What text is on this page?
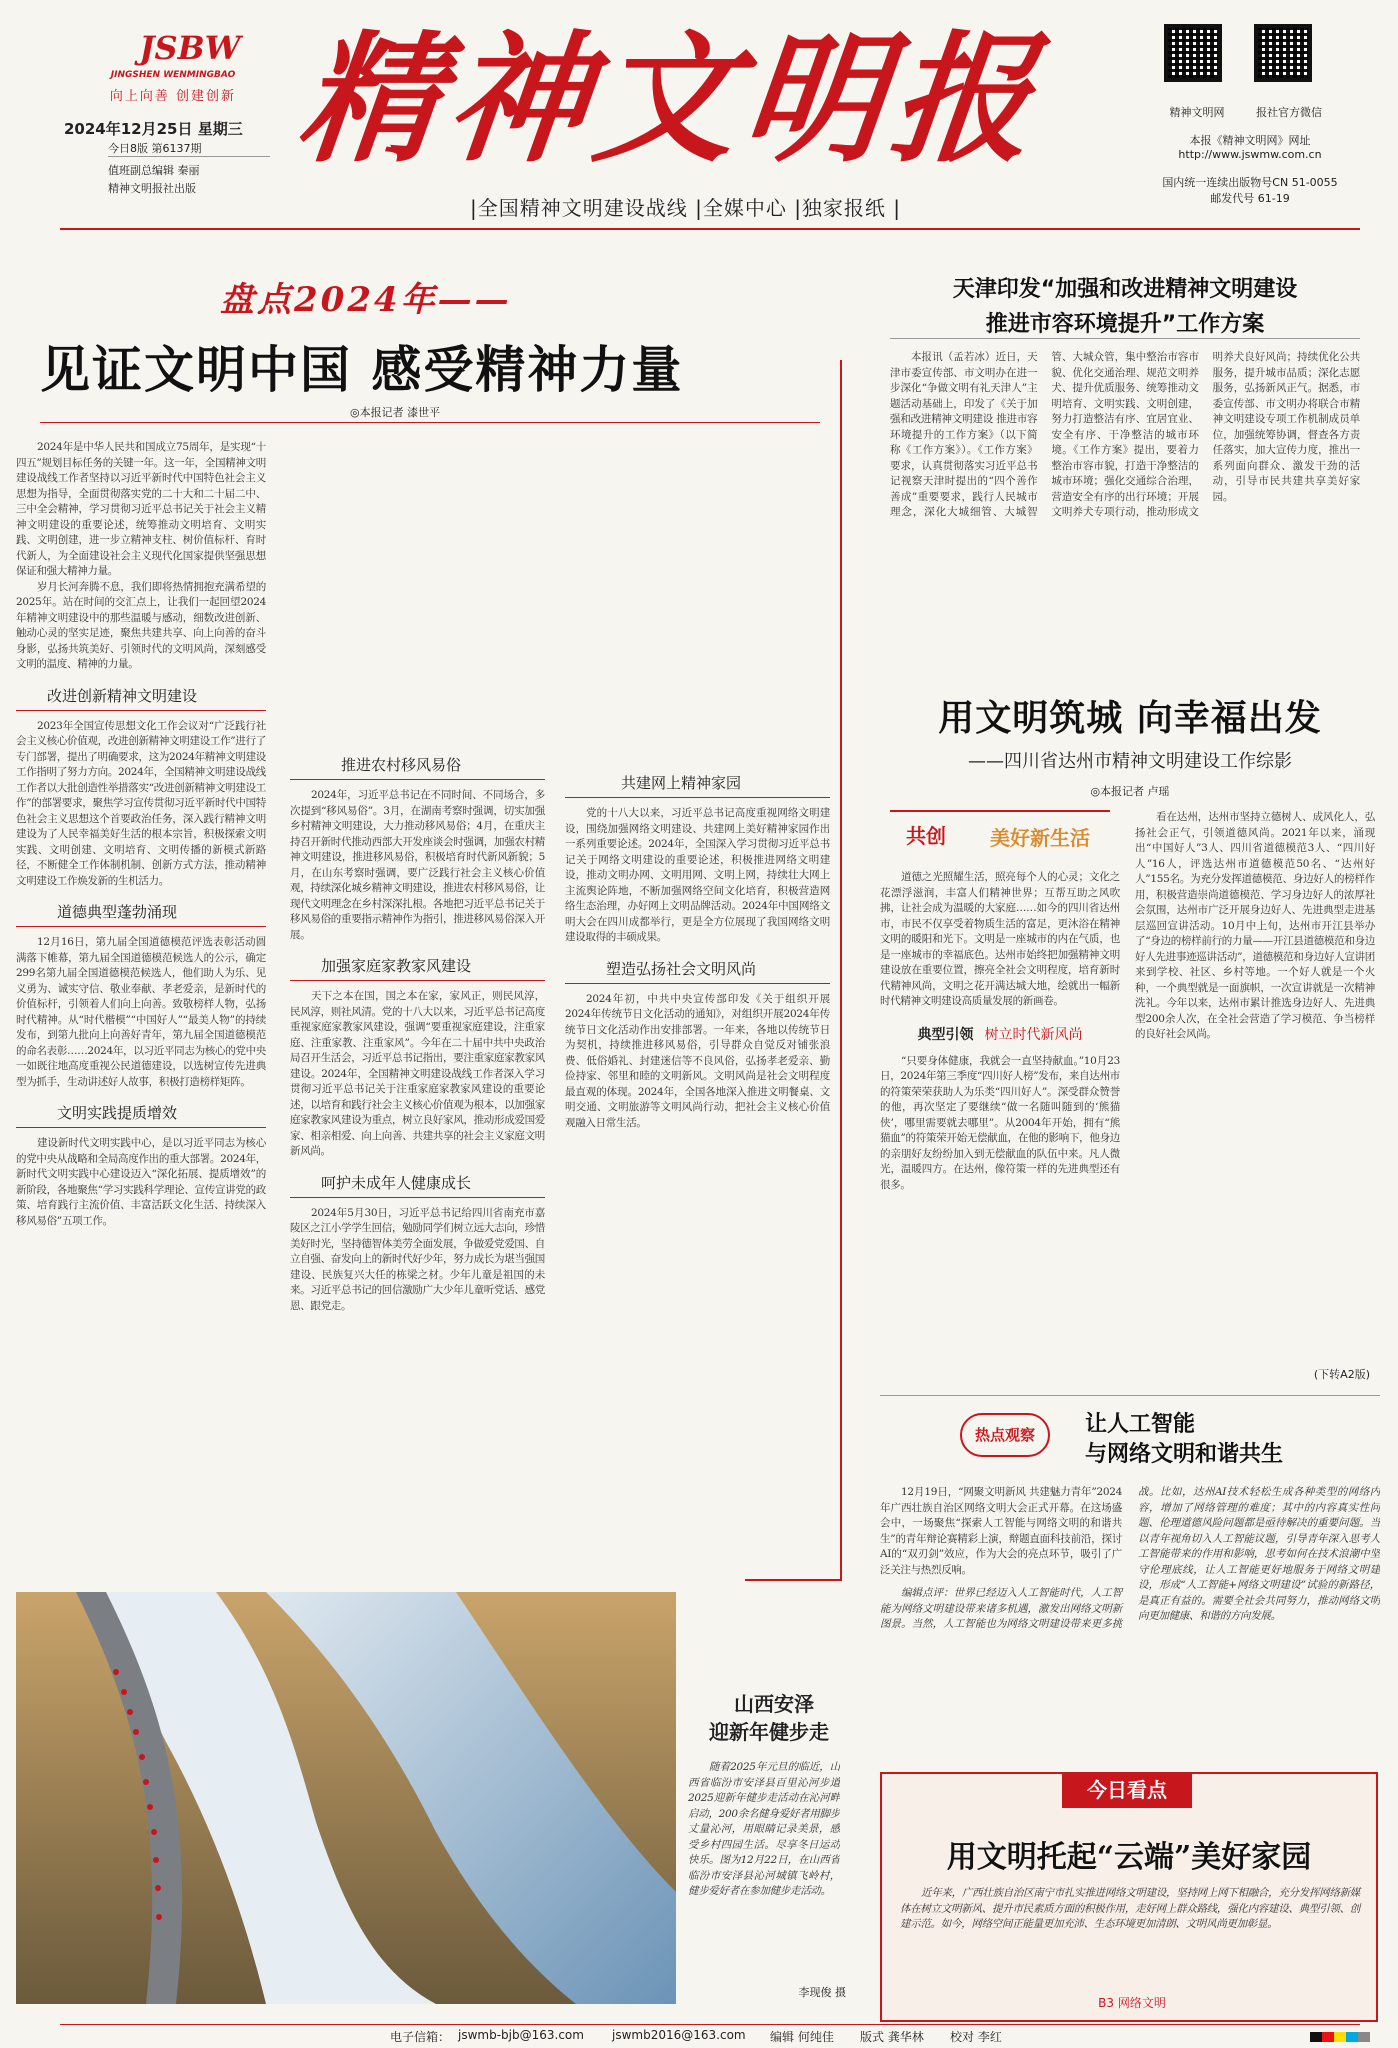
JSBW
JINGSHEN WENMINGBAO
向上向善 创建创新
2024年12月25日 星期三
今日8版 第6137期
值班副总编辑 秦丽
精神文明报社出版
精神文明报
|全国精神文明建设战线 |全媒中心 |独家报纸 |
精神文明网	报社官方微信
本报《精神文明网》网址
http://www.jswmw.com.cn
国内统一连续出版物号CN 51-0055
邮发代号 61-19
盘点2024年——
见证文明中国 感受精神力量
◎本报记者 漆世平

2024年是中华人民共和国成立75周年，是实现“十四五”规划目标任务的关键一年。这一年，全国精神文明建设战线工作者坚持以习近平新时代中国特色社会主义思想为指导，全面贯彻落实党的二十大和二十届二中、三中全会精神，学习贯彻习近平总书记关于社会主义精神文明建设的重要论述，统筹推动文明培育、文明实践、文明创建，进一步立精神支柱、树价值标杆、育时代新人，为全面建设社会主义现代化国家提供坚强思想保证和强大精神力量。

岁月长河奔腾不息，我们即将热情拥抱充满希望的2025年。站在时间的交汇点上，让我们一起回望2024年精神文明建设中的那些温暖与感动，细数改进创新、触动心灵的坚实足迹，聚焦共建共享、向上向善的奋斗身影，弘扬共筑美好、引领时代的文明风尚，深刻感受文明的温度、精神的力量。

改进创新精神文明建设

2023年全国宣传思想文化工作会议对“广泛践行社会主义核心价值观，改进创新精神文明建设工作”进行了专门部署，提出了明确要求，这为2024年精神文明建设工作指明了努力方向。2024年，全国精神文明建设战线工作者以大批创造性举措落实“改进创新精神文明建设工作”的部署要求，聚焦学习宣传贯彻习近平新时代中国特色社会主义思想这个首要政治任务，深入践行精神文明建设为了人民幸福美好生活的根本宗旨，积极探索文明实践、文明创建、文明培育、文明传播的新模式新路径，不断健全工作体制机制、创新方式方法，推动精神文明建设工作焕发新的生机活力。

道德典型蓬勃涌现

12月16日，第九届全国道德模范评选表彰活动圆满落下帷幕，第九届全国道德模范候选人的公示，确定299名第九届全国道德模范候选人，他们助人为乐、见义勇为、诚实守信、敬业奉献、孝老爱亲，是新时代的价值标杆，引领着人们向上向善。致敬榜样人物，弘扬时代精神。从“时代楷模”“中国好人”“最美人物”的持续发布，到第九批向上向善好青年，第九届全国道德模范的命名表彰……2024年，以习近平同志为核心的党中央一如既往地高度重视公民道德建设，以选树宣传先进典型为抓手，生动讲述好人故事，积极打造榜样矩阵。

文明实践提质增效

建设新时代文明实践中心，是以习近平同志为核心的党中央从战略和全局高度作出的重大部署。2024年，新时代文明实践中心建设迈入“深化拓展、提质增效”的新阶段，各地聚焦“学习实践科学理论、宣传宣讲党的政策、培育践行主流价值、丰富活跃文化生活、持续深入移风易俗”五项工作。

推进农村移风易俗

2024年，习近平总书记在不同时间、不同场合，多次提到“移风易俗”。3月，在湖南考察时强调，切实加强乡村精神文明建设，大力推动移风易俗；4月，在重庆主持召开新时代推动西部大开发座谈会时强调，加强农村精神文明建设，推进移风易俗，积极培育时代新风新貌；5月，在山东考察时强调，要广泛践行社会主义核心价值观，持续深化城乡精神文明建设，推进农村移风易俗，让现代文明理念在乡村深深扎根。各地把习近平总书记关于移风易俗的重要指示精神作为指引，推进移风易俗深入开展。

加强家庭家教家风建设

天下之本在国，国之本在家，家风正，则民风淳，民风淳，则社风清。党的十八大以来，习近平总书记高度重视家庭家教家风建设，强调“要重视家庭建设，注重家庭、注重家教、注重家风”。今年在二十届中共中央政治局召开生活会，习近平总书记指出，要注重家庭家教家风建设。2024年，全国精神文明建设战线工作者深入学习贯彻习近平总书记关于注重家庭家教家风建设的重要论述，以培育和践行社会主义核心价值观为根本，以加强家庭家教家风建设为重点，树立良好家风，推动形成爱国爱家、相亲相爱、向上向善、共建共享的社会主义家庭文明新风尚。

呵护未成年人健康成长

2024年5月30日，习近平总书记给四川省南充市嘉陵区之江小学学生回信，勉励同学们树立远大志向，珍惜美好时光，坚持德智体美劳全面发展，争做爱党爱国、自立自强、奋发向上的新时代好少年，努力成长为堪当强国建设、民族复兴大任的栋梁之材。少年儿童是祖国的未来。习近平总书记的回信激励广大少年儿童听党话、感党恩、跟党走。

共建网上精神家园

党的十八大以来，习近平总书记高度重视网络文明建设，围绕加强网络文明建设、共建网上美好精神家园作出一系列重要论述。2024年，全国深入学习贯彻习近平总书记关于网络文明建设的重要论述，积极推进网络文明建设，推动文明办网、文明用网、文明上网，持续壮大网上主流舆论阵地，不断加强网络空间文化培育，积极营造网络生态治理，办好网上文明品牌活动。2024年中国网络文明大会在四川成都举行，更是全方位展现了我国网络文明建设取得的丰硕成果。

塑造弘扬社会文明风尚

2024年初，中共中央宣传部印发《关于组织开展2024年传统节日文化活动的通知》，对组织开展2024年传统节日文化活动作出安排部署。一年来，各地以传统节日为契机，持续推进移风易俗，引导群众自觉反对铺张浪费、低俗婚礼、封建迷信等不良风俗，弘扬孝老爱亲、勤俭持家、邻里和睦的文明新风。文明风尚是社会文明程度最直观的体现。2024年，全国各地深入推进文明餐桌、文明交通、文明旅游等文明风尚行动，把社会主义核心价值观融入日常生活。

天津印发“加强和改进精神文明建设
推进市容环境提升”工作方案

本报讯（孟若冰）近日，天津市委宣传部、市文明办在进一步深化“争做文明有礼天津人”主题活动基础上，印发了《关于加强和改进精神文明建设 推进市容环境提升的工作方案》（以下简称《工作方案》）。《工作方案》要求，认真贯彻落实习近平总书记视察天津时提出的“四个善作善成”重要要求，践行人民城市理念，深化大城细管、大城智管、大城众管，集中整治市容市貌、优化交通治理、规范文明养犬、提升优质服务、统筹推动文明培育、文明实践、文明创建，努力打造整洁有序、宜居宜业、安全有序、干净整洁的城市环境。《工作方案》提出，要着力整治市容市貌，打造干净整洁的城市环境；强化交通综合治理，营造安全有序的出行环境；开展文明养犬专项行动，推动形成文明养犬良好风尚；持续优化公共服务，提升城市品质；深化志愿服务，弘扬新风正气。据悉，市委宣传部、市文明办将联合市精神文明建设专项工作机制成员单位，加强统筹协调，督查各方责任落实，加大宣传力度，推出一系列面向群众、激发干劲的活动，引导市民共建共享美好家园。

用文明筑城 向幸福出发
——四川省达州市精神文明建设工作综影
◎本报记者 卢瑶
共创 美好新生活

道德之光照耀生活，照亮每个人的心灵；文化之花漂浮滋润，丰富人们精神世界；互帮互助之风吹拂，让社会成为温暖的大家庭……如今的四川省达州市，市民不仅享受着物质生活的富足，更沐浴在精神文明的暖阳和光下。文明是一座城市的内在气质，也是一座城市的幸福底色。达州市始终把加强精神文明建设放在重要位置，擦亮全社会文明程度，培育新时代精神风尚，文明之花开满达城大地，绘就出一幅新时代精神文明建设高质量发展的新画卷。

典型引领 树立时代新风尚

“只要身体健康，我就会一直坚持献血。”10月23日，2024年第三季度“四川好人榜”发布，来自达州市的符策荣荣获助人为乐类“四川好人”。深受群众赞誉的他，再次坚定了要继续“做一名随叫随到的‘熊猫侠’，哪里需要就去哪里”。从2004年开始，拥有“熊猫血”的符策荣开始无偿献血，在他的影响下，他身边的亲朋好友纷纷加入到无偿献血的队伍中来。凡人微光，温暖四方。在达州，像符策一样的先进典型还有很多。

看在达州，达州市坚持立德树人、成风化人，弘扬社会正气，引领道德风尚。2021年以来，涌现出“中国好人”3人、四川省道德模范3人、“四川好人”16人，评选达州市道德模范50名、“达州好人”155名。为充分发挥道德模范、身边好人的榜样作用，积极营造崇尚道德模范、学习身边好人的浓厚社会氛围，达州市广泛开展身边好人、先进典型走进基层巡回宣讲活动。10月中上旬，达州市开江县举办了“身边的榜样前行的力量——开江县道德模范和身边好人先进事迹巡讲活动”，道德模范和身边好人宣讲团来到学校、社区、乡村等地。一个好人就是一个火种，一个典型就是一面旗帜，一次宣讲就是一次精神洗礼。今年以来，达州市累计推选身边好人、先进典型200余人次，在全社会营造了学习模范、争当榜样的良好社会风尚。

(下转A2版)
热点观察	让人工智能
与网络文明和谐共生

12月19日，“网聚文明新风 共建魅力青年”2024年广西壮族自治区网络文明大会正式开幕。在这场盛会中，一场聚焦“探索人工智能与网络文明的和谐共生”的青年辩论赛精彩上演，辩题直面科技前沿，探讨AI的“双刃剑”效应，作为大会的亮点环节，吸引了广泛关注与热烈反响。

编辑点评：世界已经迈入人工智能时代，人工智能为网络文明建设带来诸多机遇，激发出网络文明新图景。当然，人工智能也为网络文明建设带来更多挑战。比如，达州AI技术轻松生成各种类型的网络内容，增加了网络管理的难度；其中的内容真实性问题、伦理道德风险问题都是亟待解决的重要问题。当以青年视角切入人工智能议题，引导青年深入思考人工智能带来的作用和影响，思考如何在技术浪潮中坚守伦理底线，让人工智能更好地服务于网络文明建设，形成“人工智能+网络文明建设”试验的新路径，是真正有益的。需要全社会共同努力，推动网络文明向更加健康、和谐的方向发展。

山西安泽
迎新年健步走

随着2025年元旦的临近，山西省临汾市安泽县百里沁河步道2025迎新年健步走活动在沁河畔启动，200余名健身爱好者用脚步丈量沁河，用眼睛记录美景，感受乡村四园生活。尽享冬日运动快乐。图为12月22日，在山西省临汾市安泽县沁河城镇飞岭村，健步爱好者在参加健步走活动。

李现俊 摄
今日看点
用文明托起“云端”美好家园

近年来，广西壮族自治区南宁市扎实推进网络文明建设，坚持网上网下相融合，充分发挥网络新媒体在树立文明新风、提升市民素质方面的积极作用，走好网上群众路线，强化内容建设、典型引领、创建示范。如今，网络空间正能量更加充沛、生态环境更加清朗、文明风尚更加彰显。

B3 网络文明
电子信箱： jswmb-bjb@163.com jswmb2016@163.com 编辑 何纯佳 版式 龚华林 校对 李红
